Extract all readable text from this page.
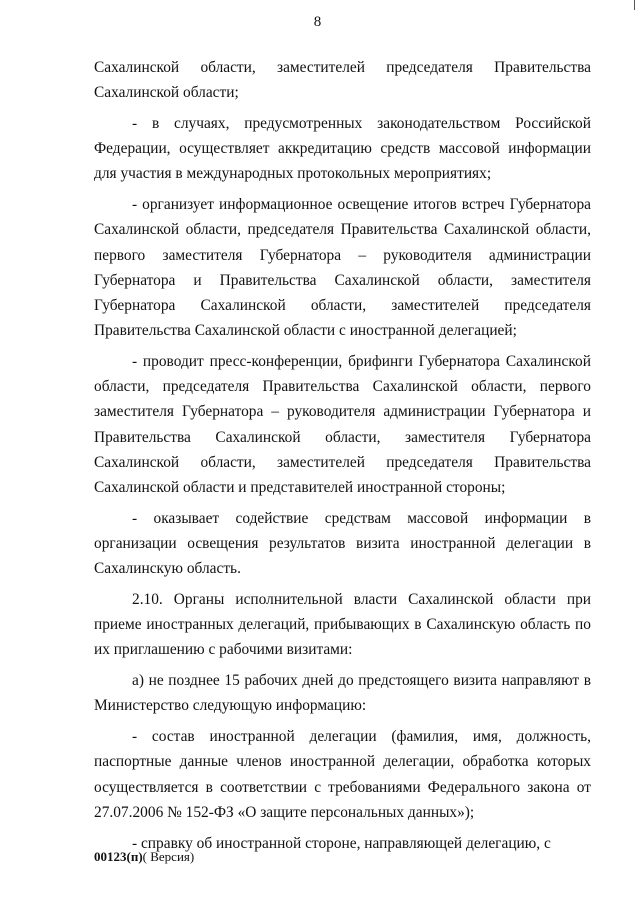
8

Сахалинской области, заместителей председателя Правительства Сахалинской области;

- в случаях, предусмотренных законодательством Российской Федерации, осуществляет аккредитацию средств массовой информации для участия в международных протокольных мероприятиях;

- организует информационное освещение итогов встреч Губернатора Сахалинской области, председателя Правительства Сахалинской области, первого заместителя Губернатора – руководителя администрации Губернатора и Правительства Сахалинской области, заместителя Губернатора Сахалинской области, заместителей председателя Правительства Сахалинской области с иностранной делегацией;

- проводит пресс-конференции, брифинги Губернатора Сахалинской области, председателя Правительства Сахалинской области, первого заместителя Губернатора – руководителя администрации Губернатора и Правительства Сахалинской области, заместителя Губернатора Сахалинской области, заместителей председателя Правительства Сахалинской области и представителей иностранной стороны;

- оказывает содействие средствам массовой информации в организации освещения результатов визита иностранной делегации в Сахалинскую область.

2.10. Органы исполнительной власти Сахалинской области при приеме иностранных делегаций, прибывающих в Сахалинскую область по их приглашению с рабочими визитами:

а) не позднее 15 рабочих дней до предстоящего визита направляют в Министерство следующую информацию:

- состав иностранной делегации (фамилия, имя, должность, паспортные данные членов иностранной делегации, обработка которых осуществляется в соответствии с требованиями Федерального закона от 27.07.2006 № 152-ФЗ «О защите персональных данных»);

- справку об иностранной стороне, направляющей делегацию, с

00123(п)( Версия)
